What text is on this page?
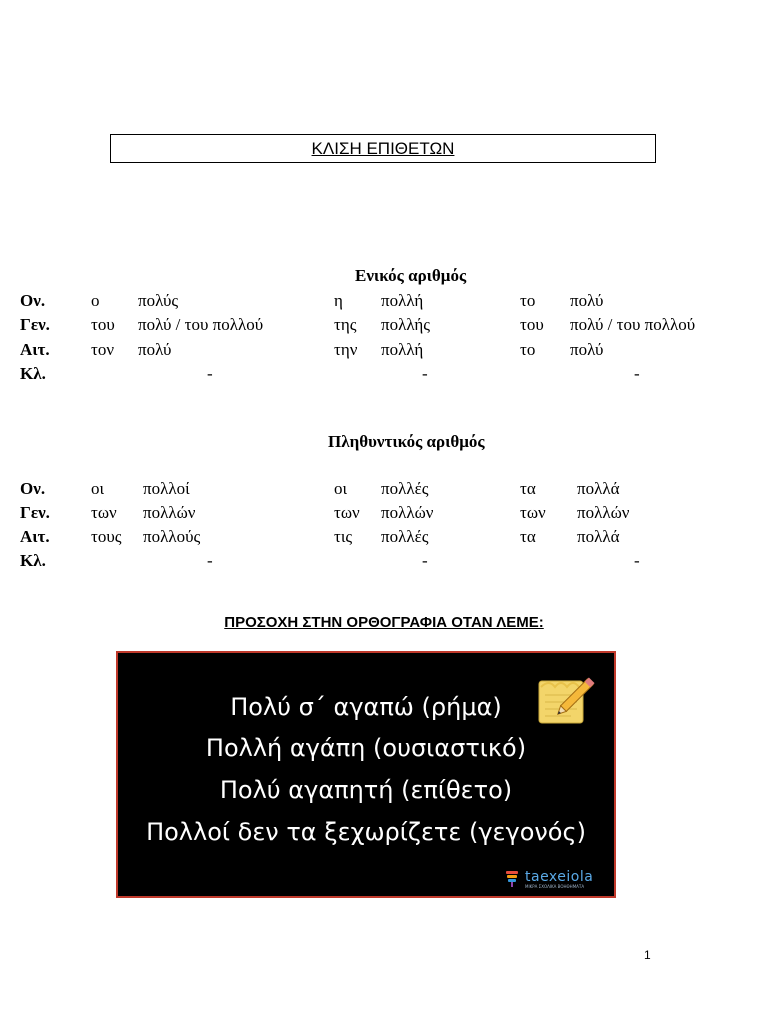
ΚΛΙΣΗ ΕΠΙΘΕΤΩΝ
Ενικός αριθμός
Ον.	ο πολύς	η πολλή	το πολύ
Γεν. του πολύ / του πολλού	της πολλής	του πολύ / του πολλού
Αιτ. τον πολύ	την πολλή	το πολύ
Κλ.	-	-	-
Πληθυντικός αριθμός
Ον.	οι πολλοί	οι πολλές	τα πολλά
Γεν. των πολλών	των πολλών	των πολλών
Αιτ. τους πολλούς	τις πολλές	τα πολλά
Κλ.	-	-	-
ΠΡΟΣΟΧΗ ΣΤΗΝ ΟΡΘΟΓΡΑΦΙΑ ΟΤΑΝ ΛΕΜΕ:
Πολύ σ΄ αγαπώ (ρήμα)
Πολλή αγάπη (ουσιαστικό)
Πολύ αγαπητή (επίθετο)
Πολλοί δεν τα ξεχωρίζετε (γεγονός)
taexeiola
ΜΙΚΡΑ ΣΧΟΛΙΚΑ ΒΟΗΘΗΜΑΤΑ
1
